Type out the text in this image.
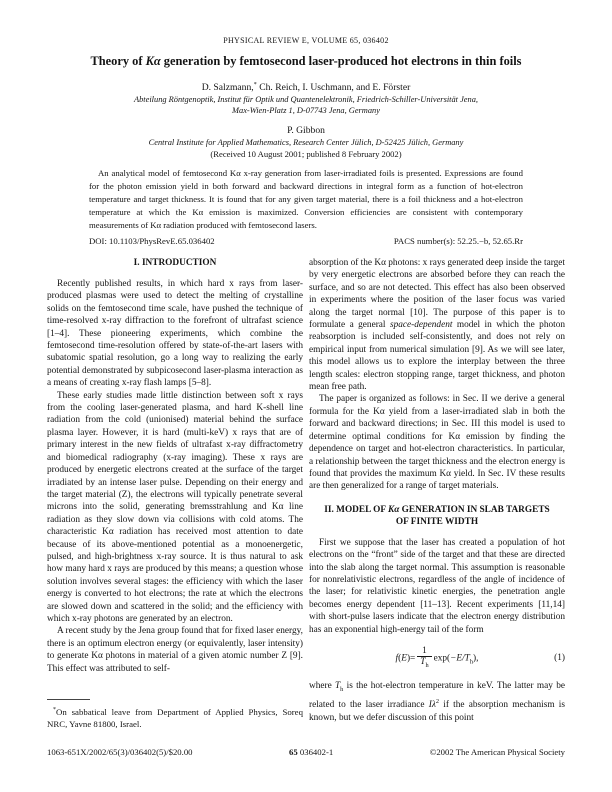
PHYSICAL REVIEW E, VOLUME 65, 036402
Theory of Kα generation by femtosecond laser-produced hot electrons in thin foils
D. Salzmann,* Ch. Reich, I. Uschmann, and E. Förster
Abteilung Röntgenoptik, Institut für Optik und Quantenelektronik, Friedrich-Schiller-Universität Jena,
Max-Wien-Platz 1, D-07743 Jena, Germany
P. Gibbon
Central Institute for Applied Mathematics, Research Center Jülich, D-52425 Jülich, Germany
(Received 10 August 2001; published 8 February 2002)
An analytical model of femtosecond Kα x-ray generation from laser-irradiated foils is presented. Expressions are found for the photon emission yield in both forward and backward directions in integral form as a function of hot-electron temperature and target thickness. It is found that for any given target material, there is a foil thickness and a hot-electron temperature at which the Kα emission is maximized. Conversion efficiencies are consistent with contemporary measurements of Kα radiation produced with femtosecond lasers.
DOI: 10.1103/PhysRevE.65.036402	PACS number(s): 52.25.−b, 52.65.Rr
I. INTRODUCTION

Recently published results, in which hard x rays from laser-produced plasmas were used to detect the melting of crystalline solids on the femtosecond time scale, have pushed the technique of time-resolved x-ray diffraction to the forefront of ultrafast science [1–4]. These pioneering experiments, which combine the femtosecond time-resolution offered by state-of-the-art lasers with subatomic spatial resolution, go a long way to realizing the early potential demonstrated by subpicosecond laser-plasma interaction as a means of creating x-ray flash lamps [5–8].

These early studies made little distinction between soft x rays from the cooling laser-generated plasma, and hard K-shell line radiation from the cold (unionised) material behind the surface plasma layer. However, it is hard (multi-keV) x rays that are of primary interest in the new fields of ultrafast x-ray diffractometry and biomedical radiography (x-ray imaging). These x rays are produced by energetic electrons created at the surface of the target irradiated by an intense laser pulse. Depending on their energy and the target material (Z), the electrons will typically penetrate several microns into the solid, generating bremsstrahlung and Kα line radiation as they slow down via collisions with cold atoms. The characteristic Kα radiation has received most attention to date because of its above-mentioned potential as a monoenergetic, pulsed, and high-brightness x-ray source. It is thus natural to ask how many hard x rays are produced by this means; a question whose solution involves several stages: the efficiency with which the laser energy is converted to hot electrons; the rate at which the electrons are slowed down and scattered in the solid; and the efficiency with which x-ray photons are generated by an electron.

A recent study by the Jena group found that for fixed laser energy, there is an optimum electron energy (or equivalently, laser intensity) to generate Kα photons in material of a given atomic number Z [9]. This effect was attributed to self-

*On sabbatical leave from Department of Applied Physics, Soreq NRC, Yavne 81800, Israel.

absorption of the Kα photons: x rays generated deep inside the target by very energetic electrons are absorbed before they can reach the surface, and so are not detected. This effect has also been observed in experiments where the position of the laser focus was varied along the target normal [10]. The purpose of this paper is to formulate a general space-dependent model in which the photon reabsorption is included self-consistently, and does not rely on empirical input from numerical simulation [9]. As we will see later, this model allows us to explore the interplay between the three length scales: electron stopping range, target thickness, and photon mean free path.

The paper is organized as follows: in Sec. II we derive a general formula for the Kα yield from a laser-irradiated slab in both the forward and backward directions; in Sec. III this model is used to determine optimal conditions for Kα emission by finding the dependence on target and hot-electron characteristics. In particular, a relationship between the target thickness and the electron energy is found that provides the maximum Kα yield. In Sec. IV these results are then generalized for a range of target materials.

II. MODEL OF Kα GENERATION IN SLAB TARGETS
OF FINITE WIDTH

First we suppose that the laser has created a population of hot electrons on the “front” side of the target and that these are directed into the slab along the target normal. This assumption is reasonable for nonrelativistic electrons, regardless of the angle of incidence of the laser; for relativistic kinetic energies, the penetration angle becomes energy dependent [11–13]. Recent experiments [11,14] with short-pulse lasers indicate that the electron energy distribution has an exponential high-energy tail of the form

$f(E)= \frac{1}{T_h} \exp(-E/T_h)$,	(1)

where $T_h$ is the hot-electron temperature in keV. The latter may be related to the laser irradiance $I\lambda^2$ if the absorption mechanism is known, but we defer discussion of this point

1063-651X/2002/65(3)/036402(5)/$20.00	65 036402-1	©2002 The American Physical Society
